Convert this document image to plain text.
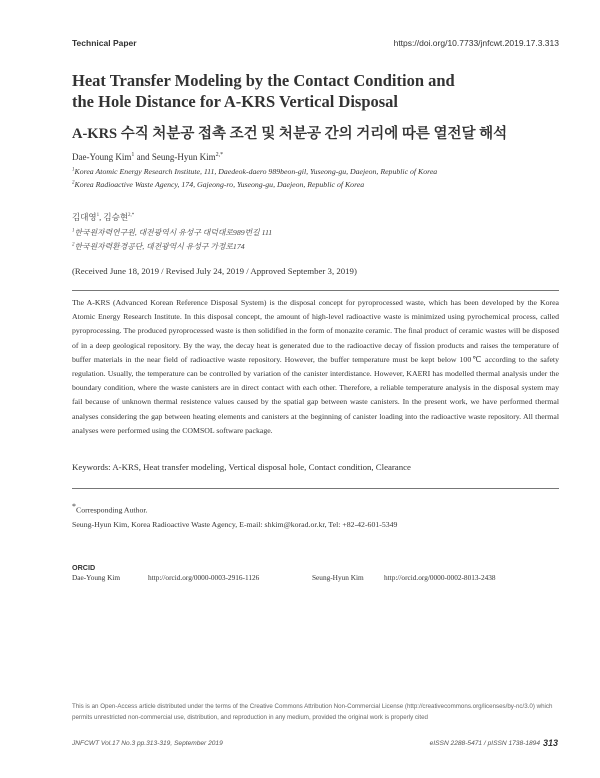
Technical Paper	https://doi.org/10.7733/jnfcwt.2019.17.3.313
Heat Transfer Modeling by the Contact Condition and
the Hole Distance for A-KRS Vertical Disposal
A-KRS 수직 처분공 접촉 조건 및 처분공 간의 거리에 따른 열전달 해석
Dae-Young Kim$^1$ and Seung-Hyun Kim$^{2,*}$
$^1$Korea Atomic Energy Research Institute, 111, Daedeok-daero 989beon-gil, Yuseong-gu, Daejeon, Republic of Korea
$^2$Korea Radioactive Waste Agency, 174, Gajeong-ro, Yuseong-gu, Daejeon, Republic of Korea
김대영$^1$, 김승현$^{2,*}$
$^1$한국원자력연구원, 대전광역시 유성구 대덕대로989번길 111
$^2$한국원자력환경공단, 대전광역시 유성구 가정로174
(Received June 18, 2019 / Revised July 24, 2019 / Approved September 3, 2019)
The A-KRS (Advanced Korean Reference Disposal System) is the disposal concept for pyroprocessed waste, which has been developed by the Korea Atomic Energy Research Institute. In this disposal concept, the amount of high-level radioactive waste is minimized using pyrochemical process, called pyroprocessing. The produced pyroprocessed waste is then solidified in the form of monazite ceramic. The final product of ceramic wastes will be disposed of in a deep geological repository. By the way, the decay heat is generated due to the radioactive decay of fission products and raises the temperature of buffer materials in the near field of radioactive waste repository. However, the buffer temperature must be kept below 100℃ according to the safety regulation. Usually, the temperature can be controlled by variation of the canister interdistance. However, KAERI has modelled thermal analysis under the boundary condition, where the waste canisters are in direct contact with each other. Therefore, a reliable temperature analysis in the disposal system may fail because of unknown thermal resistence values caused by the spatial gap between waste canisters. In the present work, we have performed thermal analyses considering the gap between heating elements and canisters at the beginning of canister loading into the radioactive waste repository. All thermal analyses were performed using the COMSOL software package.
Keywords: A-KRS, Heat transfer modeling, Vertical disposal hole, Contact condition, Clearance
*Corresponding Author.
Seung-Hyun Kim, Korea Radioactive Waste Agency, E-mail: shkim@korad.or.kr, Tel: +82-42-601-5349
ORCID
Dae-Young Kim	http://orcid.org/0000-0003-2916-1126	Seung-Hyun Kim	http://orcid.org/0000-0002-8013-2438
This is an Open-Access article distributed under the terms of the Creative Commons Attribution Non-Commercial License (http://creativecommons.org/licenses/by-nc/3.0) which permits unrestricted non-commercial use, distribution, and reproduction in any medium, provided the original work is properly cited
JNFCWT Vol.17 No.3 pp.313-319, September 2019	eISSN 2288-5471 / pISSN 1738-1894 313
